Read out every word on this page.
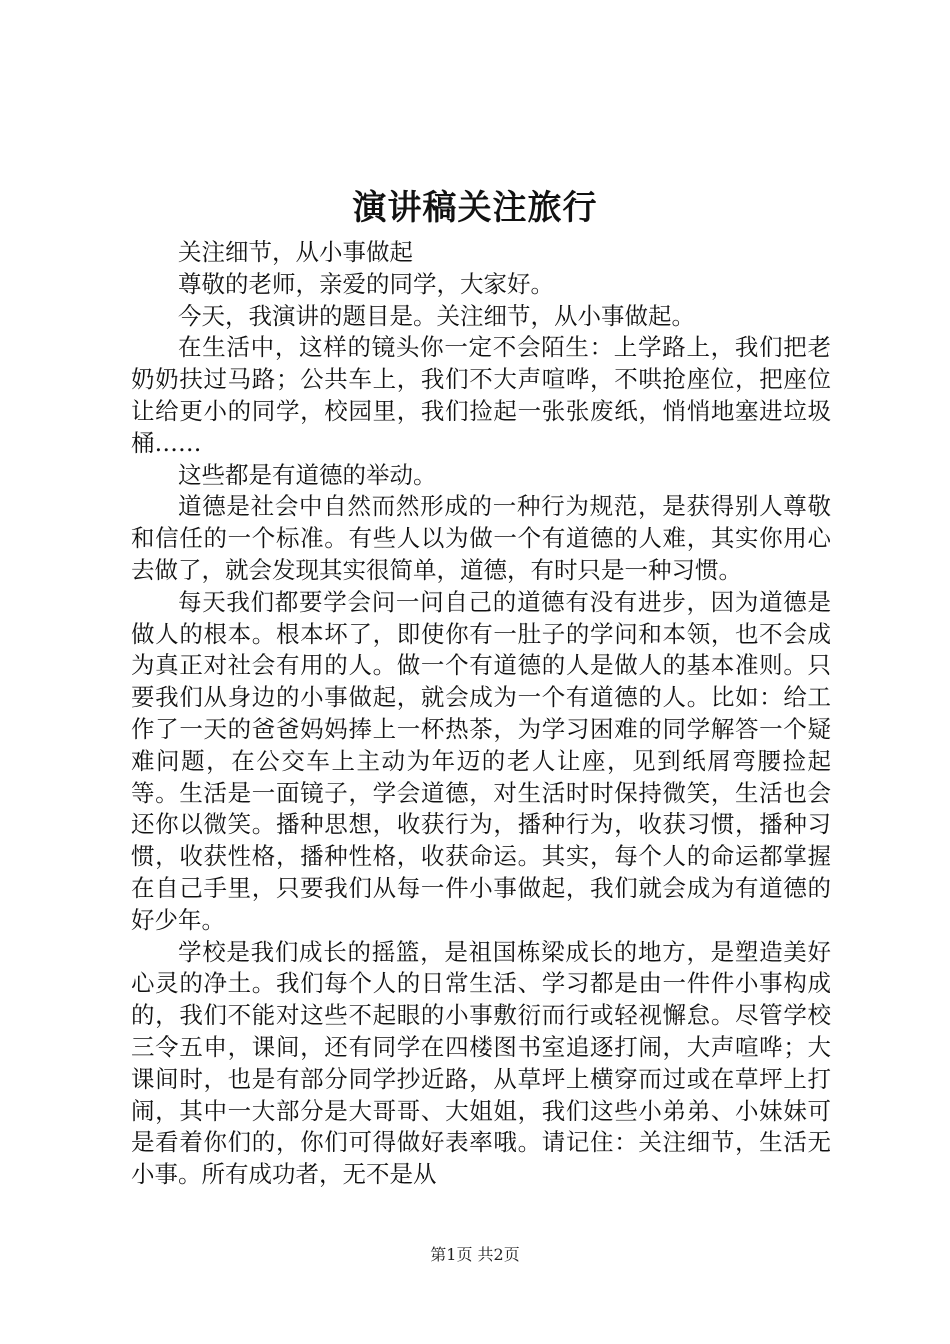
演讲稿关注旅行

关注细节，从小事做起

尊敬的老师，亲爱的同学，大家好。

今天，我演讲的题目是。关注细节，从小事做起。

在生活中，这样的镜头你一定不会陌生：上学路上，我们把老奶奶扶过马路；公共车上，我们不大声喧哗，不哄抢座位，把座位让给更小的同学，校园里，我们捡起一张张废纸，悄悄地塞进垃圾桶……

这些都是有道德的举动。

道德是社会中自然而然形成的一种行为规范，是获得别人尊敬和信任的一个标准。有些人以为做一个有道德的人难，其实你用心去做了，就会发现其实很简单，道德，有时只是一种习惯。

每天我们都要学会问一问自己的道德有没有进步，因为道德是做人的根本。根本坏了，即使你有一肚子的学问和本领，也不会成为真正对社会有用的人。做一个有道德的人是做人的基本准则。只要我们从身边的小事做起，就会成为一个有道德的人。比如：给工作了一天的爸爸妈妈捧上一杯热茶，为学习困难的同学解答一个疑难问题，在公交车上主动为年迈的老人让座，见到纸屑弯腰捡起等。生活是一面镜子，学会道德，对生活时时保持微笑，生活也会还你以微笑。播种思想，收获行为，播种行为，收获习惯，播种习惯，收获性格，播种性格，收获命运。其实，每个人的命运都掌握在自己手里，只要我们从每一件小事做起，我们就会成为有道德的好少年。

学校是我们成长的摇篮，是祖国栋梁成长的地方，是塑造美好心灵的净土。我们每个人的日常生活、学习都是由一件件小事构成的，我们不能对这些不起眼的小事敷衍而行或轻视懈怠。尽管学校三令五申，课间，还有同学在四楼图书室追逐打闹，大声喧哗；大课间时，也是有部分同学抄近路，从草坪上横穿而过或在草坪上打闹，其中一大部分是大哥哥、大姐姐，我们这些小弟弟、小妹妹可是看着你们的，你们可得做好表率哦。请记住：关注细节，生活无小事。所有成功者，无不是从

第1页 共2页
